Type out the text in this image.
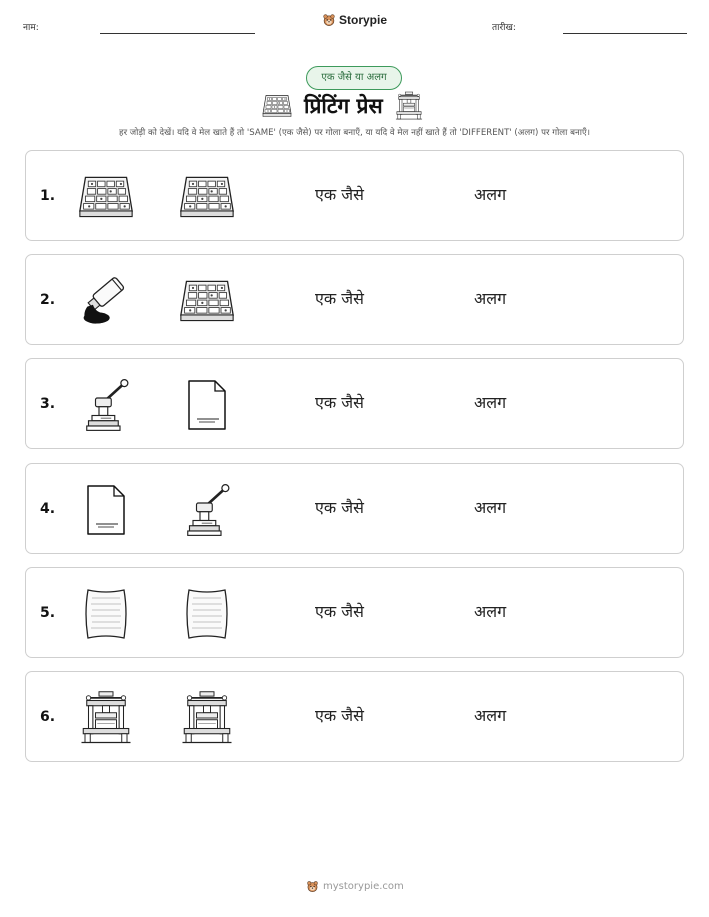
नाम:
Storypie
तारीख:
एक जैसे या अलग
प्रिंटिंग प्रेस
हर जोड़ी को देखें। यदि वे मेल खाते हैं तो 'SAME' (एक जैसे) पर गोला बनाएँ, या यदि वे मेल नहीं खाते हैं तो 'DIFFERENT' (अलग) पर गोला बनाएँ।
1.	एक जैसे	अलग
2.	एक जैसे	अलग
3.	एक जैसे	अलग
4.	एक जैसे	अलग
5.	एक जैसे	अलग
6.	एक जैसे	अलग
mystorypie.com
